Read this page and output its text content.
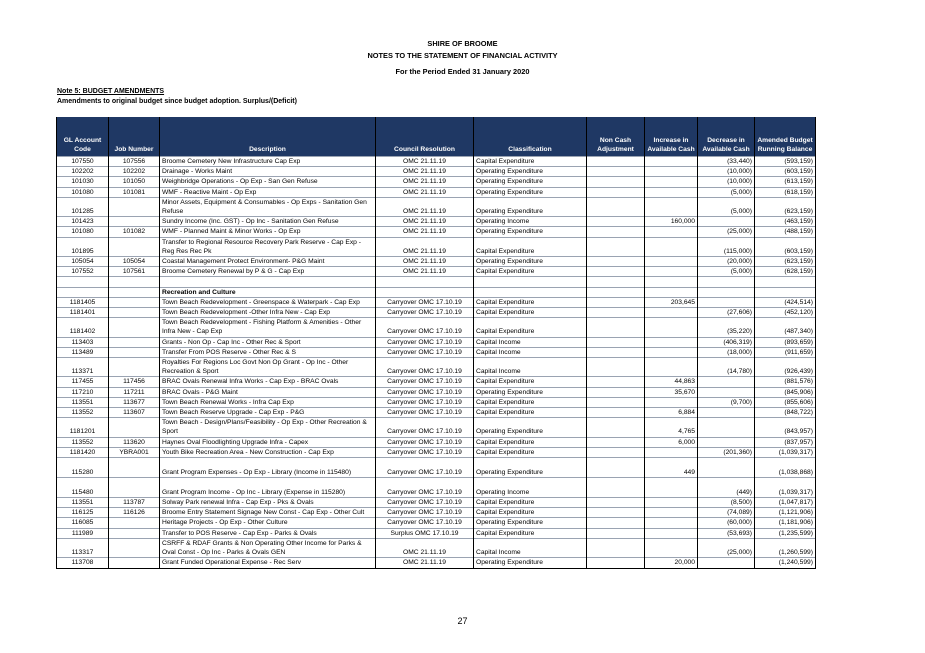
SHIRE OF BROOME
NOTES TO THE STATEMENT OF FINANCIAL ACTIVITY
For the Period Ended 31 January 2020
Note 5: BUDGET AMENDMENTS
Amendments to original budget since budget adoption. Surplus/(Deficit)
GL Account Code	Job Number	Description	Council Resolution	Classification	Non Cash Adjustment	Increase in Available Cash	Decrease in Available Cash	Amended Budget Running Balance
107550	107556	Broome Cemetery New Infrastructure Cap Exp	OMC 21.11.19	Capital Expenditure			(33,440)	(593,159)
102202	102202	Drainage - Works Maint	OMC 21.11.19	Operating Expenditure			(10,000)	(603,159)
101030	101050	Weighbridge Operations - Op Exp - San Gen Refuse	OMC 21.11.19	Operating Expenditure			(10,000)	(613,159)
101080	101081	WMF - Reactive Maint - Op Exp	OMC 21.11.19	Operating Expenditure			(5,000)	(618,159)
101285		Minor Assets, Equipment & Consumables - Op Exps - Sanitation Gen Refuse	OMC 21.11.19	Operating Expenditure			(5,000)	(623,159)
101423		Sundry Income (Inc. GST) - Op Inc - Sanitation Gen Refuse	OMC 21.11.19	Operating Income		160,000		(463,159)
101080	101082	WMF - Planned Maint & Minor Works - Op Exp	OMC 21.11.19	Operating Expenditure			(25,000)	(488,159)
101895		Transfer to Regional Resource Recovery Park Reserve - Cap Exp - Reg Res Rec Pk	OMC 21.11.19	Capital Expenditure			(115,000)	(603,159)
105054	105054	Coastal Management Protect Environment- P&G Maint	OMC 21.11.19	Operating Expenditure			(20,000)	(623,159)
107552	107561	Broome Cemetery Renewal by P & G - Cap Exp	OMC 21.11.19	Capital Expenditure			(5,000)	(628,159)

		Recreation and Culture						
1181405		Town Beach Redevelopment - Greenspace & Waterpark - Cap Exp	Carryover OMC 17.10.19	Capital Expenditure		203,645		(424,514)
1181401		Town Beach Redevelopment -Other Infra New - Cap Exp	Carryover OMC 17.10.19	Capital Expenditure			(27,606)	(452,120)
1181402		Town Beach Redevelopment - Fishing Platform & Amenities - Other Infra New - Cap Exp	Carryover OMC 17.10.19	Capital Expenditure			(35,220)	(487,340)
113403		Grants - Non Op - Cap Inc - Other Rec & Sport	Carryover OMC 17.10.19	Capital Income			(406,319)	(893,659)
113489		Transfer From POS Reserve - Other Rec & S	Carryover OMC 17.10.19	Capital Income			(18,000)	(911,659)
113371		Royalties For Regions Loc Govt Non Op Grant - Op Inc - Other Recreation & Sport	Carryover OMC 17.10.19	Capital Income			(14,780)	(926,439)
117455	117456	BRAC Ovals Renewal Infra Works - Cap Exp - BRAC Ovals	Carryover OMC 17.10.19	Capital Expenditure		44,863		(881,576)
117210	117211	BRAC Ovals - P&G Maint	Carryover OMC 17.10.19	Operating Expenditure		35,670		(845,906)
113551	113677	Town Beach Renewal Works - Infra Cap Exp	Carryover OMC 17.10.19	Capital Expenditure			(9,700)	(855,606)
113552	113607	Town Beach Reserve Upgrade - Cap Exp - P&G	Carryover OMC 17.10.19	Capital Expenditure		6,884		(848,722)
1181201		Town Beach - Design/Plans/Feasibility - Op Exp - Other Recreation & Sport	Carryover OMC 17.10.19	Operating Expenditure		4,765		(843,957)
113552	113620	Haynes Oval Floodlighting Upgrade Infra - Capex	Carryover OMC 17.10.19	Capital Expenditure		6,000		(837,957)
1181420	YBRA001	Youth Bike Recreation Area - New Construction - Cap Exp	Carryover OMC 17.10.19	Capital Expenditure			(201,360)	(1,039,317)
115280		Grant Program Expenses - Op Exp - Library (Income in 115480)	Carryover OMC 17.10.19	Operating Expenditure		449		(1,038,868)
115480		Grant Program Income - Op Inc - Library (Expense in 115280)	Carryover OMC 17.10.19	Operating Income			(449)	(1,039,317)
113551	113787	Solway Park renewal Infra - Cap Exp - Pks & Ovals	Carryover OMC 17.10.19	Capital Expenditure			(8,500)	(1,047,817)
116125	116126	Broome Entry Statement Signage New Const - Cap Exp - Other Cult	Carryover OMC 17.10.19	Capital Expenditure			(74,089)	(1,121,906)
116085		Heritage Projects - Op Exp - Other Culture	Carryover OMC 17.10.19	Operating Expenditure			(60,000)	(1,181,906)
111989		Transfer to POS Reserve - Cap Exp - Parks & Ovals	Surplus OMC 17.10.19	Capital Expenditure			(53,693)	(1,235,599)
113317		CSRFF & RDAF Grants & Non Operating Other Income for Parks & Oval Const - Op Inc - Parks & Ovals GEN	OMC 21.11.19	Capital Income			(25,000)	(1,260,599)
113708		Grant Funded Operational Expense - Rec Serv	OMC 21.11.19	Operating Expenditure		20,000		(1,240,599)
27
